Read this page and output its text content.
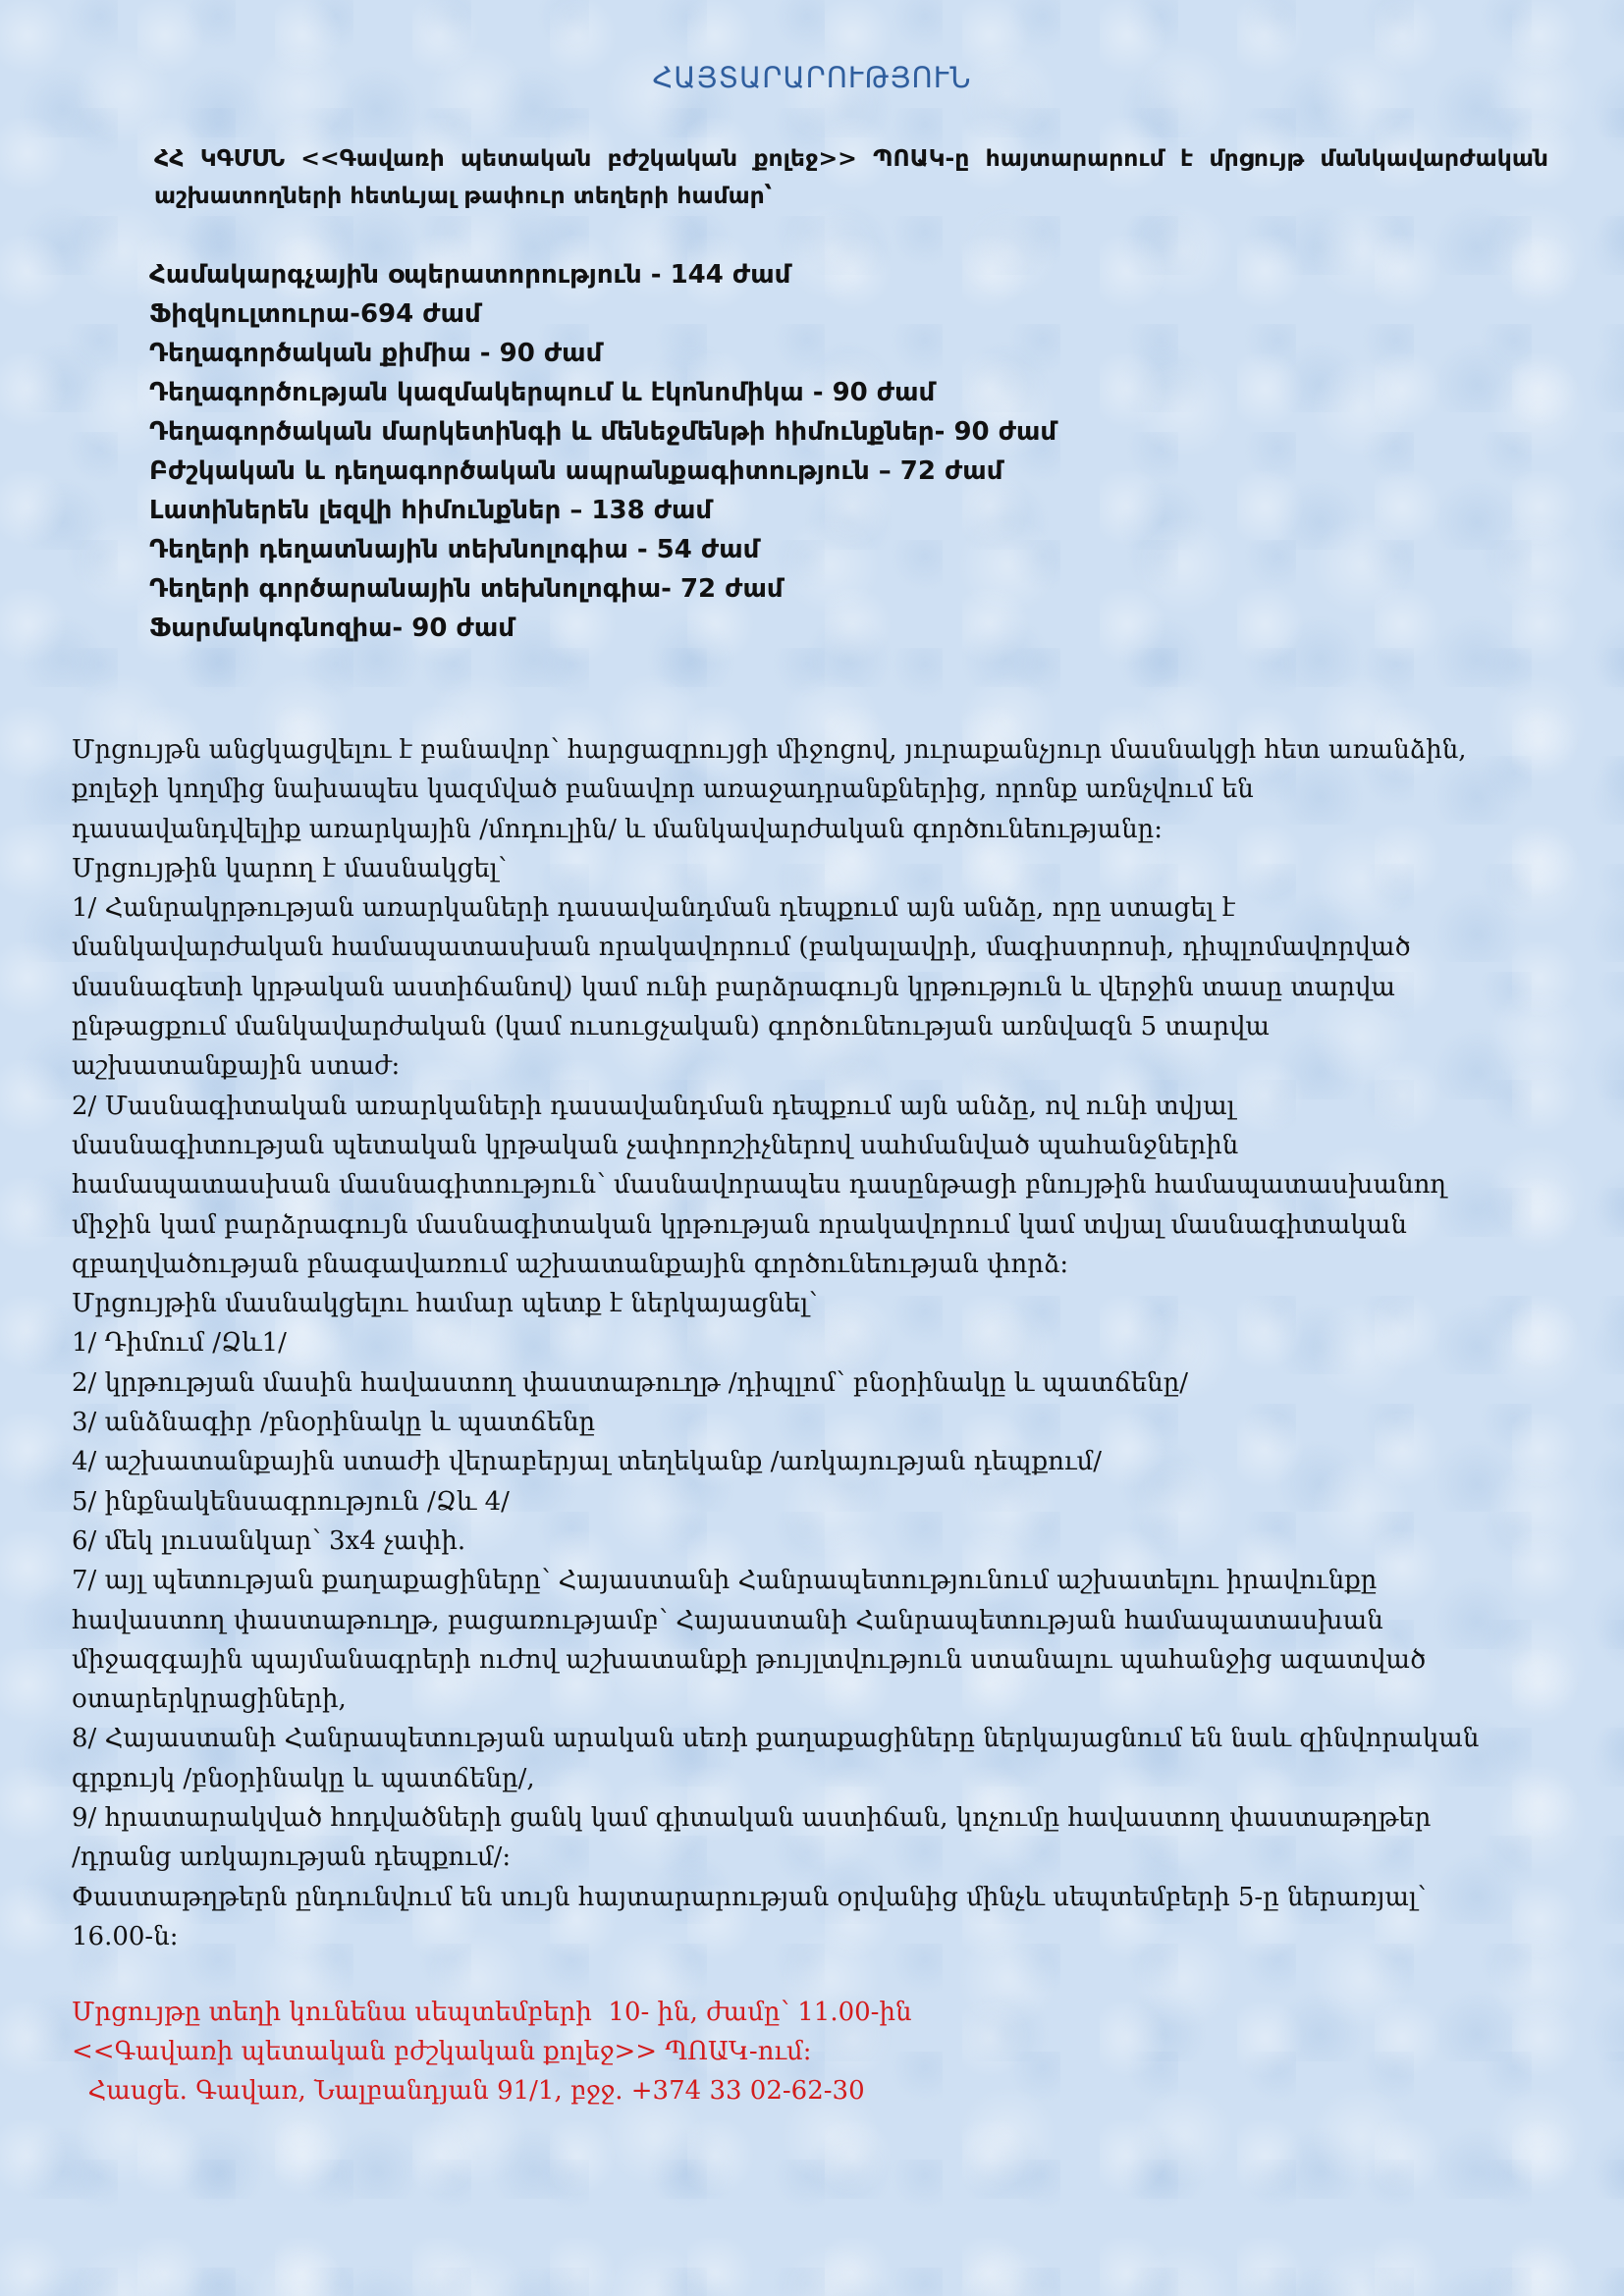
ՀԱՅՏԱՐԱՐՈՒԹՅՈՒՆ
ՀՀ ԿԳՄՍՆ <<Գավառի պետական բժշկական քոլեջ>> ՊՈԱԿ-ը հայտարարում է մրցույթ մանկավարժական աշխատողների հետևյալ թափուր տեղերի համար՝
Համակարգչային օպերատորություն - 144 ժամ
Ֆիզկուլտուրա-694 ժամ
Դեղագործական քիմիա - 90 ժամ
Դեղագործության կազմակերպում և էկոնոմիկա - 90 ժամ
Դեղագործական մարկետինգի և մենեջմենթի հիմունքներ- 90 ժամ
Բժշկական և դեղագործական ապրանքագիտություն – 72 ժամ
Լատիներեն լեզվի հիմունքներ – 138 ժամ
Դեղերի դեղատնային տեխնոլոգիա - 54 ժամ
Դեղերի գործարանային տեխնոլոգիա- 72 ժամ
Ֆարմակոգնոզիա- 90 ժամ
Մրցույթն անցկացվելու է բանավոր՝ հարցազրույցի միջոցով, յուրաքանչյուր մասնակցի հետ առանձին,
քոլեջի կողմից նախապես կազմված բանավոր առաջադրանքներից, որոնք առնչվում են
դասավանդվելիք առարկային /մոդուլին/ և մանկավարժական գործունեությանը:
Մրցույթին կարող է մասնակցել՝
1/ Հանրակրթության առարկաների դասավանդման դեպքում այն անձը, որը ստացել է
մանկավարժական համապատասխան որակավորում (բակալավրի, մագիստրոսի, դիպլոմավորված
մասնագետի կրթական աստիճանով) կամ ունի բարձրագույն կրթություն և վերջին տասը տարվա
ընթացքում մանկավարժական (կամ ուսուցչական) գործունեության առնվազն 5 տարվա
աշխատանքային ստաժ:
2/ Մասնագիտական առարկաների դասավանդման դեպքում այն անձը, ով ունի տվյալ
մասնագիտության պետական կրթական չափորոշիչներով սահմանված պահանջներին
համապատասխան մասնագիտություն՝ մասնավորապես դասընթացի բնույթին համապատասխանող
միջին կամ բարձրագույն մասնագիտական կրթության որակավորում կամ տվյալ մասնագիտական
զբաղվածության բնագավառում աշխատանքային գործունեության փորձ:
Մրցույթին մասնակցելու համար պետք է ներկայացնել՝
1/ Դիմում /Ձև1/
2/ կրթության մասին հավաստող փաստաթուղթ /դիպլոմ՝ բնօրինակը և պատճենը/
3/ անձնագիր /բնօրինակը և պատճենը
4/ աշխատանքային ստաժի վերաբերյալ տեղեկանք /առկայության դեպքում/
5/ ինքնակենսագրություն /Ձև 4/
6/ մեկ լուսանկար՝ 3x4 չափի.
7/ այլ պետության քաղաքացիները՝ Հայաստանի Հանրապետությունում աշխատելու իրավունքը
հավաստող փաստաթուղթ, բացառությամբ՝ Հայաստանի Հանրապետության համապատասխան
միջազգային պայմանագրերի ուժով աշխատանքի թույլտվություն ստանալու պահանջից ազատված
օտարերկրացիների,
8/ Հայաստանի Հանրապետության արական սեռի քաղաքացիները ներկայացնում են նաև զինվորական
գրքույկ /բնօրինակը և պատճենը/,
9/ հրատարակված հոդվածների ցանկ կամ գիտական աստիճան, կոչումը հավաստող փաստաթղթեր
/դրանց առկայության դեպքում/:
Փաստաթղթերն ընդունվում են սույն հայտարարության օրվանից մինչև սեպտեմբերի 5-ը ներառյալ՝
16.00-ն:
Մրցույթը տեղի կունենա սեպտեմբերի  10- ին, ժամը՝ 11.00-ին
<<Գավառի պետական բժշկական քոլեջ>> ՊՈԱԿ-ում:
Հասցե. Գավառ, Նալբանդյան 91/1, բջջ. +374 33 02-62-30
